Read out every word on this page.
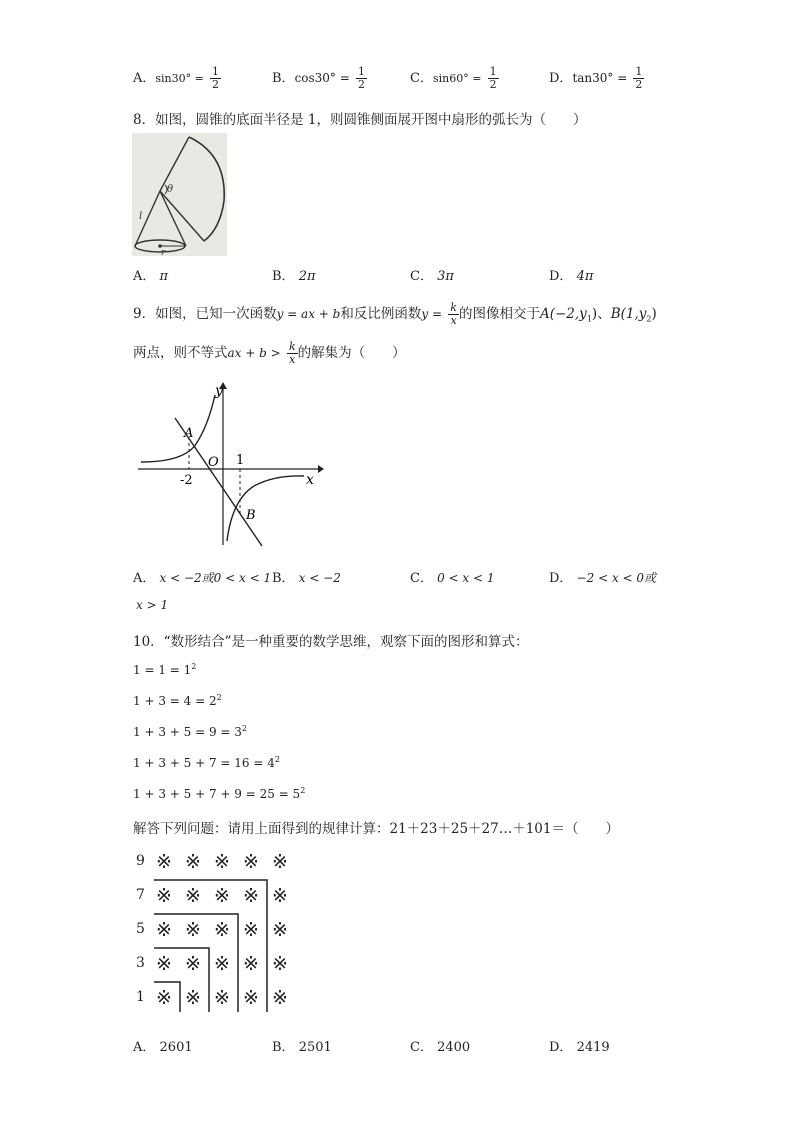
A．$\sin 30^\circ = \frac{1}{2}$	B．$\cos 30^\circ = \frac{1}{2}$	C．$\sin 60^\circ = \frac{1}{2}$	D．$\tan 30^\circ = \frac{1}{2}$
8．如图，圆锥的底面半径是 1，则圆锥侧面展开图中扇形的弧长为（　　）
θ
l
r
A． π	B． 2π	C． 3π	D． 4π
9．如图，已知一次函数y = ax + b和反比例函数$y = \frac{k}{x}$ 的图像相交于$A(-2,y_1)$、$B(1,y_2)$
两点，则不等式ax + $b > \frac{k}{x}$ 的解集为（　　）
y
x
A
B
O 1
-2
A． x < −2或0 < x < 1 B． x < −2	C． 0 < x < 1	D． −2 < x < 0或
x > 1
10．“数形结合”是一种重要的数学思维，观察下面的图形和算式：
$1 = 1 = 1^2$
$1 + 3 = 4 = 2^2$
$1 + 3 + 5 = 9 = 3^2$
$1 + 3 + 5 + 7 = 16 = 4^2$
$1 + 3 + 5 + 7 + 9 = 25 = 5^2$
解答下列问题：请用上面得到的规律计算：21＋23＋25＋27…＋101＝（　　）
9 ※ ※ ※ ※ ※
7 ※ ※ ※ ※ ※
5 ※ ※ ※ ※ ※
3 ※ ※ ※ ※ ※
1 ※ ※ ※ ※ ※
A． 2601	B． 2501	C． 2400	D． 2419
